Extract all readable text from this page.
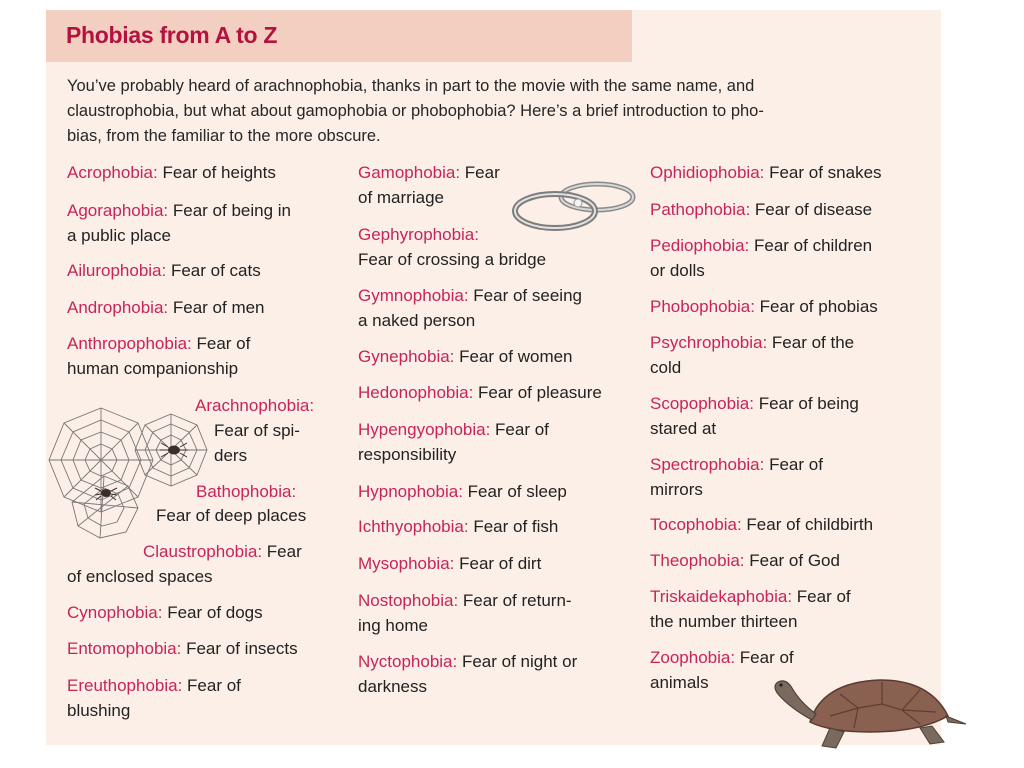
Phobias from A to Z
You’ve probably heard of arachnophobia, thanks in part to the movie with the same name, and
claustrophobia, but what about gamophobia or phobophobia? Here’s a brief introduction to pho-
bias, from the familiar to the more obscure.
Acrophobia: Fear of heights
Agoraphobia: Fear of being in
a public place
Ailurophobia: Fear of cats
Androphobia: Fear of men
Anthropophobia: Fear of
human companionship
Arachnophobia:
Fear of spi-
ders
Bathophobia:
Fear of deep places
Claustrophobia: Fear
of enclosed spaces
Cynophobia: Fear of dogs
Entomophobia: Fear of insects
Ereuthophobia: Fear of
blushing
Gamophobia: Fear
of marriage
Gephyrophobia:
Fear of crossing a bridge
Gymnophobia: Fear of seeing
a naked person
Gynephobia: Fear of women
Hedonophobia: Fear of pleasure
Hypengyophobia: Fear of
responsibility
Hypnophobia: Fear of sleep
Ichthyophobia: Fear of fish
Mysophobia: Fear of dirt
Nostophobia: Fear of return-
ing home
Nyctophobia: Fear of night or
darkness
Ophidiophobia: Fear of snakes
Pathophobia: Fear of disease
Pediophobia: Fear of children
or dolls
Phobophobia: Fear of phobias
Psychrophobia: Fear of the
cold
Scopophobia: Fear of being
stared at
Spectrophobia: Fear of
mirrors
Tocophobia: Fear of childbirth
Theophobia: Fear of God
Triskaidekaphobia: Fear of
the number thirteen
Zoophobia: Fear of
animals
